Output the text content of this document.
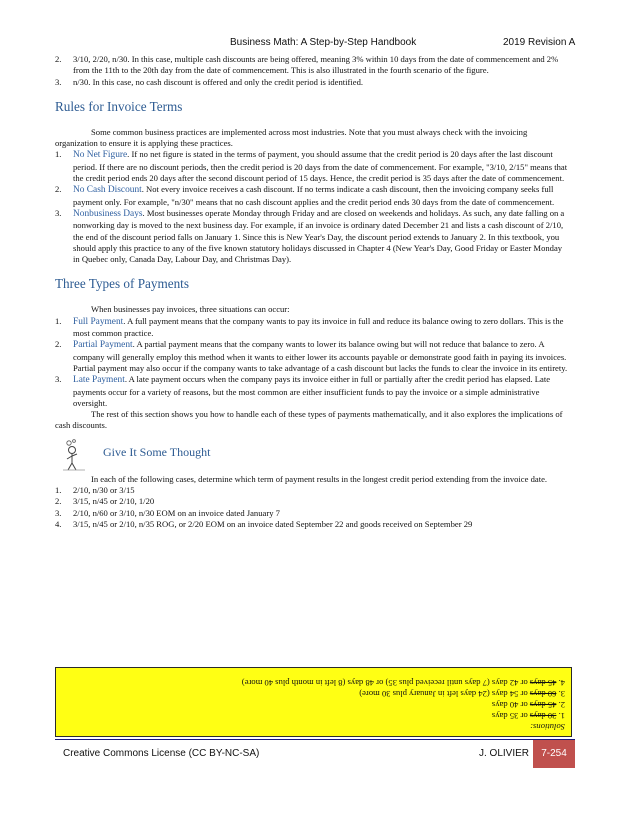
Business Math: A Step-by-Step Handbook	2019 Revision A
2. 3/10, 2/20, n/30. In this case, multiple cash discounts are being offered, meaning 3% within 10 days from the date of commencement and 2% from the 11th to the 20th day from the date of commencement. This is also illustrated in the fourth scenario of the figure.

3. n/30. In this case, no cash discount is offered and only the credit period is identified.

Rules for Invoice Terms

Some common business practices are implemented across most industries. Note that you must always check with the invoicing organization to ensure it is applying these practices.

1. No Net Figure. If no net figure is stated in the terms of payment, you should assume that the credit period is 20 days after the last discount period. If there are no discount periods, then the credit period is 20 days from the date of commencement. For example, "3/10, 2/15" means that the credit period ends 20 days after the second discount period of 15 days. Hence, the credit period is 35 days after the date of commencement.

2. No Cash Discount. Not every invoice receives a cash discount. If no terms indicate a cash discount, then the invoicing company seeks full payment only. For example, "n/30" means that no cash discount applies and the credit period ends 30 days from the date of commencement.

3. Nonbusiness Days. Most businesses operate Monday through Friday and are closed on weekends and holidays. As such, any date falling on a nonworking day is moved to the next business day. For example, if an invoice is ordinary dated December 21 and lists a cash discount of 2/10, the end of the discount period falls on January 1. Since this is New Year's Day, the discount period extends to January 2. In this textbook, you should apply this practice to any of the five known statutory holidays discussed in Chapter 4 (New Year's Day, Good Friday or Easter Monday in Quebec only, Canada Day, Labour Day, and Christmas Day).

Three Types of Payments

When businesses pay invoices, three situations can occur:

1. Full Payment. A full payment means that the company wants to pay its invoice in full and reduce its balance owing to zero dollars. This is the most common practice.

2. Partial Payment. A partial payment means that the company wants to lower its balance owing but will not reduce that balance to zero. A company will generally employ this method when it wants to either lower its accounts payable or demonstrate good faith in paying its invoices. Partial payment may also occur if the company wants to take advantage of a cash discount but lacks the funds to clear the invoice in its entirety.

3. Late Payment. A late payment occurs when the company pays its invoice either in full or partially after the credit period has elapsed. Late payments occur for a variety of reasons, but the most common are either insufficient funds to pay the invoice or a simple administrative oversight.

The rest of this section shows you how to handle each of these types of payments mathematically, and it also explores the implications of cash discounts.

Give It Some Thought

In each of the following cases, determine which term of payment results in the longest credit period extending from the invoice date.

1. 2/10, n/30 or 3/15

2. 3/15, n/45 or 2/10, 1/20

3. 2/10, n/60 or 3/10, n/30 EOM on an invoice dated January 7

4. 3/15, n/45 or 2/10, n/35 ROG, or 2/20 EOM on an invoice dated September 22 and goods received on September 29

Solutions:
1. 30 days or 35 days
2. 45 days or 40 days
3. 60 days or 54 days (24 days left in January plus 30 more)
4. 45 days or 42 days (7 days until received plus 35) or 48 days (8 left in month plus 40 more)
Creative Commons License (CC BY-NC-SA)	J. OLIVIER	7-254
